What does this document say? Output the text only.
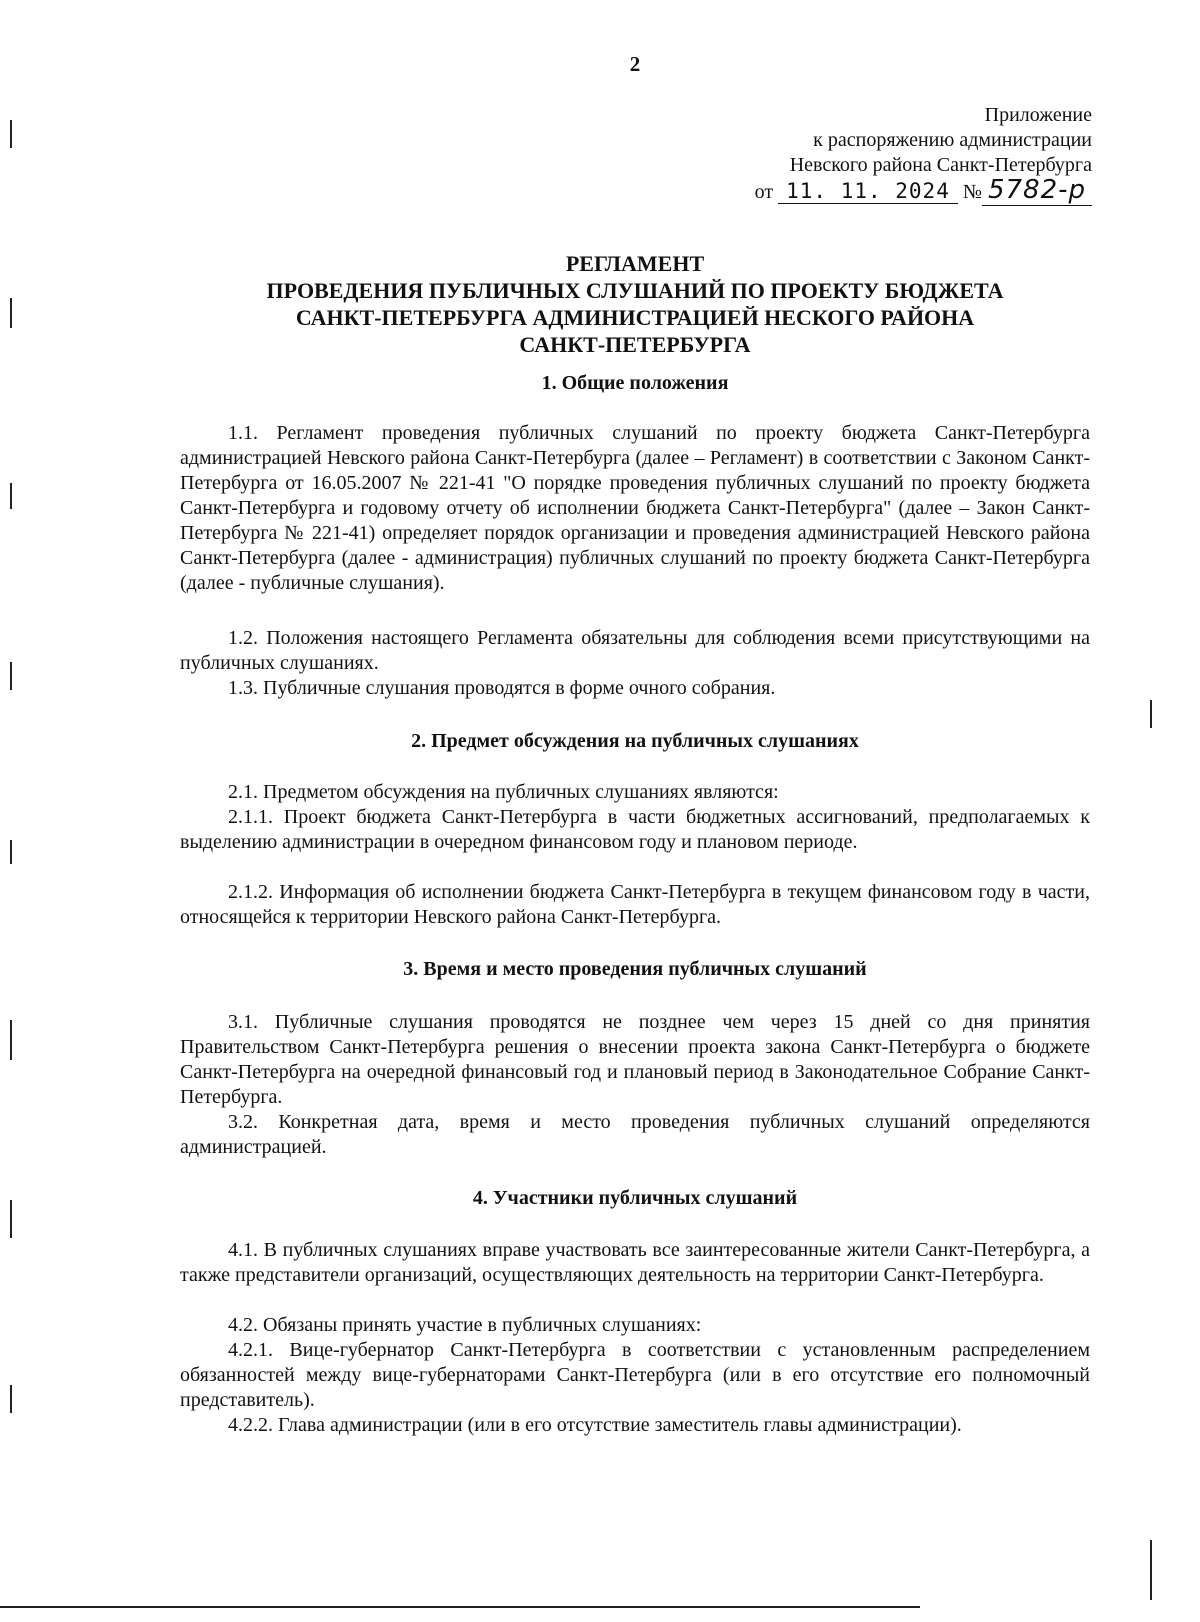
2
Приложение
к распоряжению администрации
Невского района Санкт-Петербурга
от 11. 11. 2024 № 5782-р
РЕГЛАМЕНТ
ПРОВЕДЕНИЯ ПУБЛИЧНЫХ СЛУШАНИЙ ПО ПРОЕКТУ БЮДЖЕТА
САНКТ-ПЕТЕРБУРГА АДМИНИСТРАЦИЕЙ НЕСКОГО РАЙОНА
САНКТ-ПЕТЕРБУРГА
1. Общие положения
1.1. Регламент проведения публичных слушаний по проекту бюджета Санкт-Петербурга администрацией Невского района Санкт-Петербурга (далее – Регламент) в соответствии с Законом Санкт-Петербурга от 16.05.2007 № 221-41 "О порядке проведения публичных слушаний по проекту бюджета Санкт-Петербурга и годовому отчету об исполнении бюджета Санкт-Петербурга" (далее – Закон Санкт-Петербурга № 221-41) определяет порядок организации и проведения администрацией Невского района Санкт-Петербурга (далее - администрация) публичных слушаний по проекту бюджета Санкт-Петербурга (далее - публичные слушания).
1.2. Положения настоящего Регламента обязательны для соблюдения всеми присутствующими на публичных слушаниях.
1.3. Публичные слушания проводятся в форме очного собрания.
2. Предмет обсуждения на публичных слушаниях
2.1. Предметом обсуждения на публичных слушаниях являются:
2.1.1. Проект бюджета Санкт-Петербурга в части бюджетных ассигнований, предполагаемых к выделению администрации в очередном финансовом году и плановом периоде.
2.1.2. Информация об исполнении бюджета Санкт-Петербурга в текущем финансовом году в части, относящейся к территории Невского района Санкт-Петербурга.
3. Время и место проведения публичных слушаний
3.1. Публичные слушания проводятся не позднее чем через 15 дней со дня принятия Правительством Санкт-Петербурга решения о внесении проекта закона Санкт-Петербурга о бюджете Санкт-Петербурга на очередной финансовый год и плановый период в Законодательное Собрание Санкт-Петербурга.
3.2. Конкретная дата, время и место проведения публичных слушаний определяются администрацией.
4. Участники публичных слушаний
4.1. В публичных слушаниях вправе участвовать все заинтересованные жители Санкт-Петербурга, а также представители организаций, осуществляющих деятельность на территории Санкт-Петербурга.
4.2. Обязаны принять участие в публичных слушаниях:
4.2.1. Вице-губернатор Санкт-Петербурга в соответствии с установленным распределением обязанностей между вице-губернаторами Санкт-Петербурга (или в его отсутствие его полномочный представитель).
4.2.2. Глава администрации (или в его отсутствие заместитель главы администрации).
